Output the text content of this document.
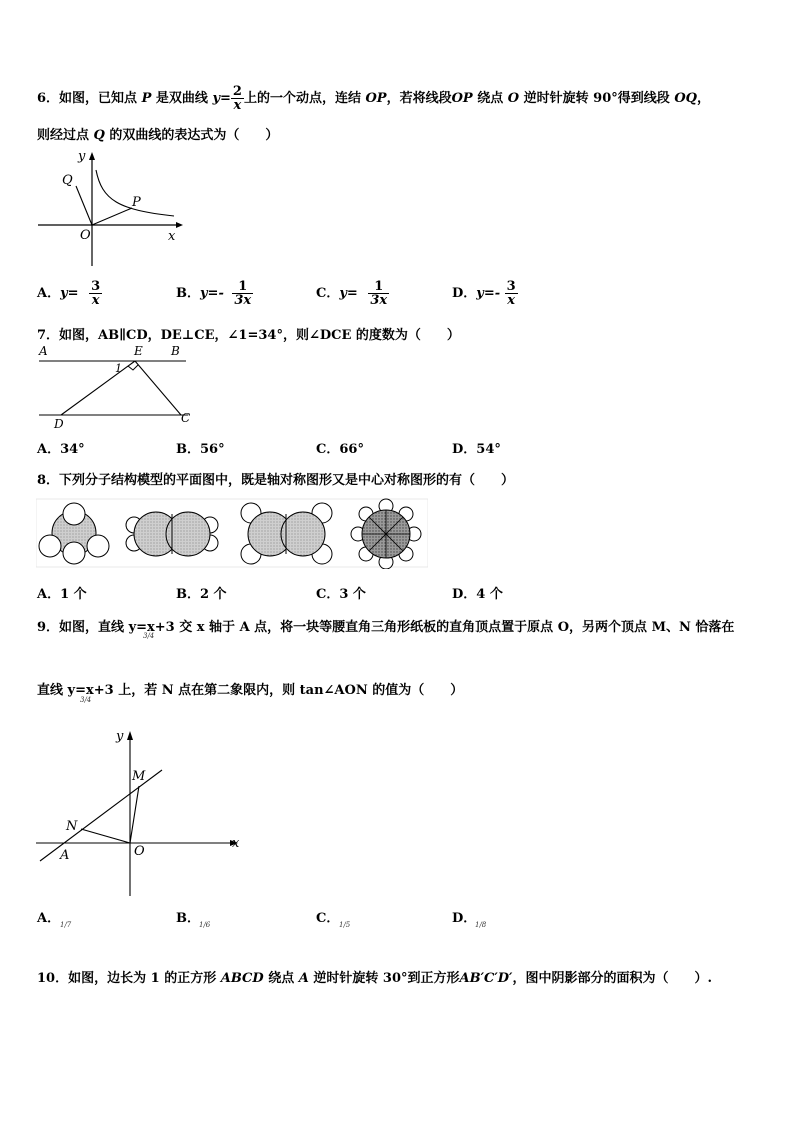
6．如图，已知点 P 是双曲线 $y= \frac{2}{x}$ 上的一个动点，连结 OP，若将线段OP 绕点 O 逆时针旋转 90°得到线段 OQ，
则经过点 Q 的双曲线的表达式为（　　）
y
x
O
P
Q
A．$y= \frac{3}{x}$	B．$y=- \frac{1}{3x}$	C．$y= \frac{1}{3x}$	D．$y=- \frac{3}{x}$
7．如图，AB∥CD，DE⊥CE，∠1=34°，则∠DCE 的度数为（　　）
A	E B
1
D	C
A．34°	B．56°	C．66°	D．54°
8．下列分子结构模型的平面图中，既是轴对称图形又是中心对称图形的有（　　）
A．1 个	B．2 个	C．3 个	D．4 个
9．如图，直线 y=x+3 交 x 轴于 A 点，将一块等腰直角三角形纸板的直角顶点置于原点 O，另两个顶点 M、N 恰落在
3/4
直线 y=x+3 上，若 N 点在第二象限内，则 tan∠AON 的值为（　　）
3/4
y
x
M
N
A	O
A． 1/7	B． 1/6	C． 1/5	D．
1/8
10．如图，边长为 1 的正方形 ABCD 绕点 A 逆时针旋转 30°到正方形AB′C′D′，图中阴影部分的面积为（　　）.
